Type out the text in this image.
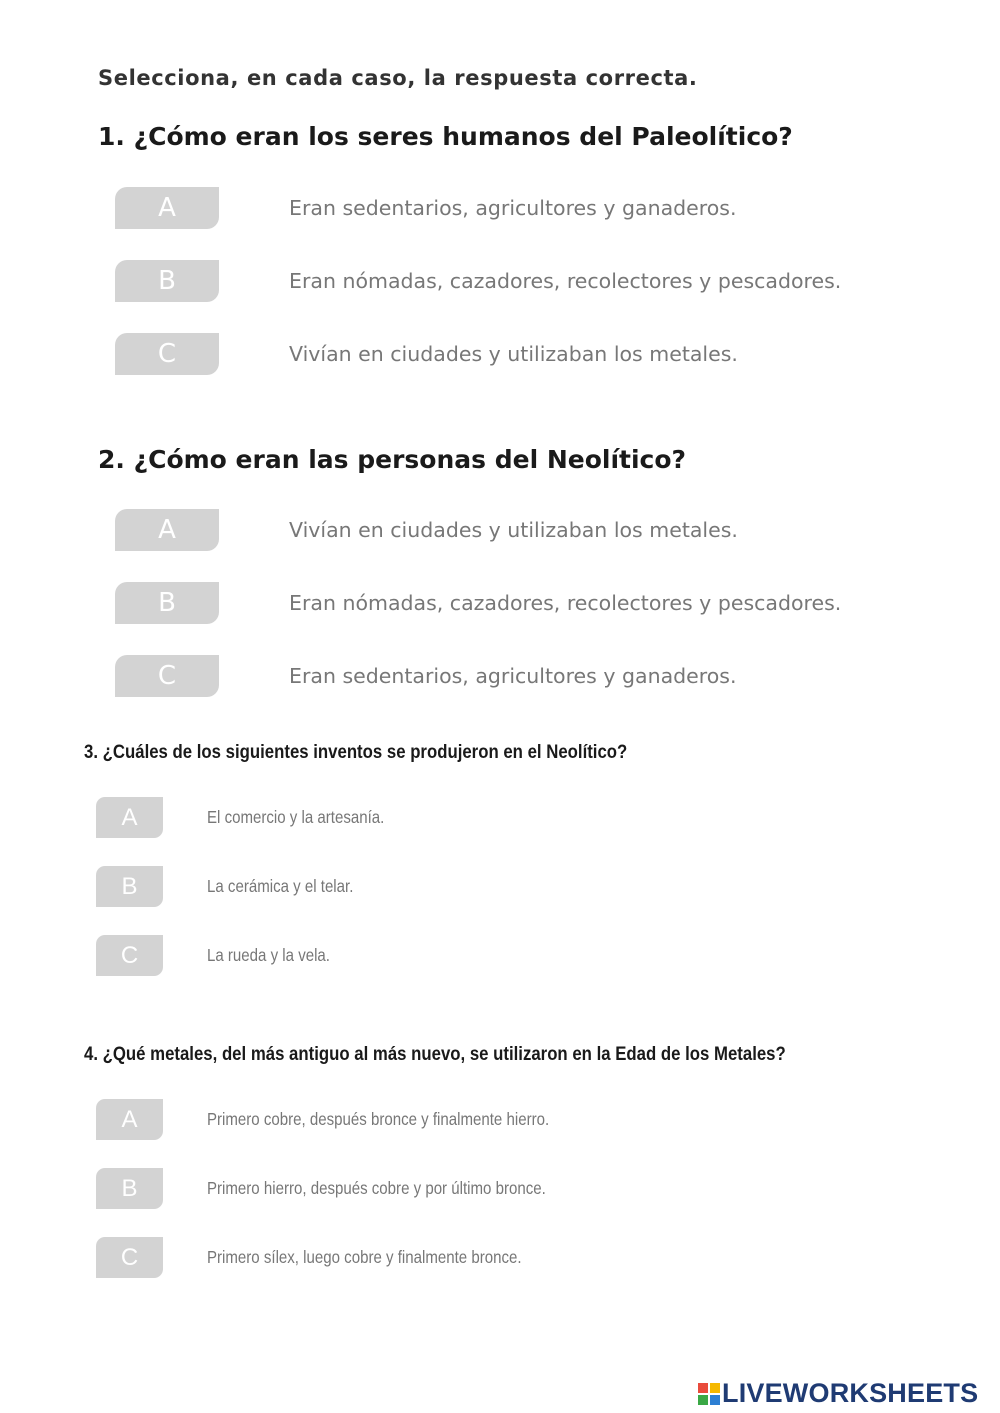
Selecciona, en cada caso, la respuesta correcta.
1. ¿Cómo eran los seres humanos del Paleolítico?
A	Eran sedentarios, agricultores y ganaderos.
B	Eran nómadas, cazadores, recolectores y pescadores.
C	Vivían en ciudades y utilizaban los metales.
2. ¿Cómo eran las personas del Neolítico?
A	Vivían en ciudades y utilizaban los metales.
B	Eran nómadas, cazadores, recolectores y pescadores.
C	Eran sedentarios, agricultores y ganaderos.
3. ¿Cuáles de los siguientes inventos se produjeron en el Neolítico?
A	El comercio y la artesanía.
B	La cerámica y el telar.
C	La rueda y la vela.
4. ¿Qué metales, del más antiguo al más nuevo, se utilizaron en la Edad de los Metales?
A	Primero cobre, después bronce y finalmente hierro.
B	Primero hierro, después cobre y por último bronce.
C	Primero sílex, luego cobre y finalmente bronce.
LIVEWORKSHEETS
